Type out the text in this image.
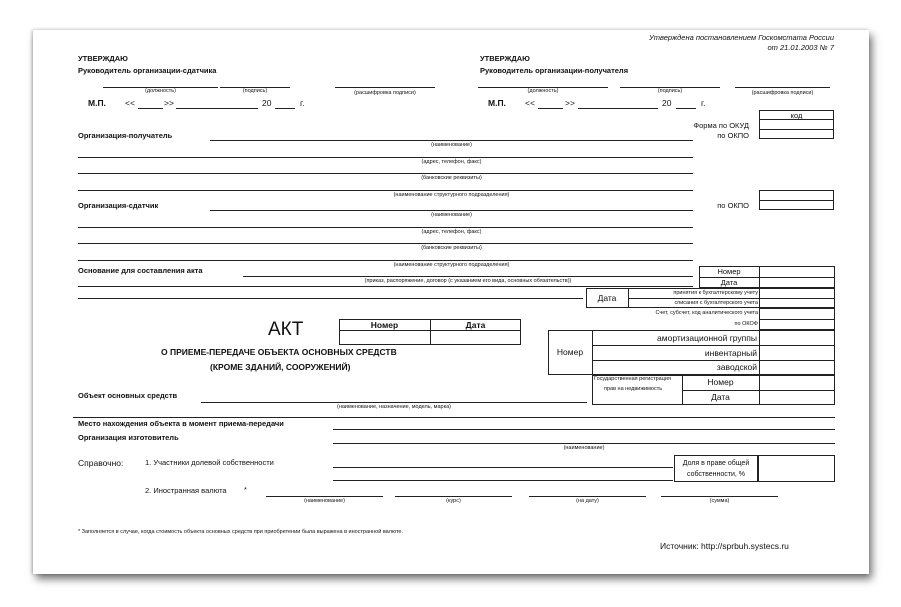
Утверждена постановлением Госкомстата России
от 21.01.2003 № 7
УТВЕРЖДАЮ
Руководитель организации-сдатчика
(должность)	(подпись)	(расшифровка подписи)
М.П. <<	>>	20	г.
УТВЕРЖДАЮ
Руководитель организации-получателя
(должность)	(подпись)	(расшифровка подписи)
М.П. <<	>>	20	г.
код
Форма по ОКУД
по ОКПО
Организация-получатель
(наименование)
(адрес, телефон, факс)
(банковские реквизиты)
(наименование структурного подразделения)
по ОКПО
Организация-сдатчик
(наименование)
(адрес, телефон, факс)
(банковские реквизиты)
(наименование структурного подразделения)
Основание для составления акта
(приказ, распоряжение, договор (с указанием его вида, основных обязательств))
Номер
Дата
Дата	принятия к бухгалтерскому учету
списания с бухгалтерского учета
Счет, субсчет, код аналитического учета
по ОКОФ
АКТ	Номер	Дата
О ПРИЕМЕ-ПЕРЕДАЧЕ ОБЪЕКТА ОСНОВНЫХ СРЕДСТВ
(КРОМЕ ЗДАНИЙ, СООРУЖЕНИЙ)
Номер
амортизационной группы
инвентарный
заводской
Государственная регистрация
прав на недвижимость
Номер
Дата
Объект основных средств
(наименование, назначение, модель, марка)
Место нахождения объекта в момент приема-передачи
Организация изготовитель
(наименование)
Справочно:	1. Участники долевой собственности	Доля в праве общей
собственности, %
2. Иностранная валюта *
(наименование)	(курс)	(на дату)	(сумма)
* Заполняется в случае, когда стоимость объекта основных средств при приобретении была выражена в иностранной валюте.
Источник: http://sprbuh.systecs.ru
